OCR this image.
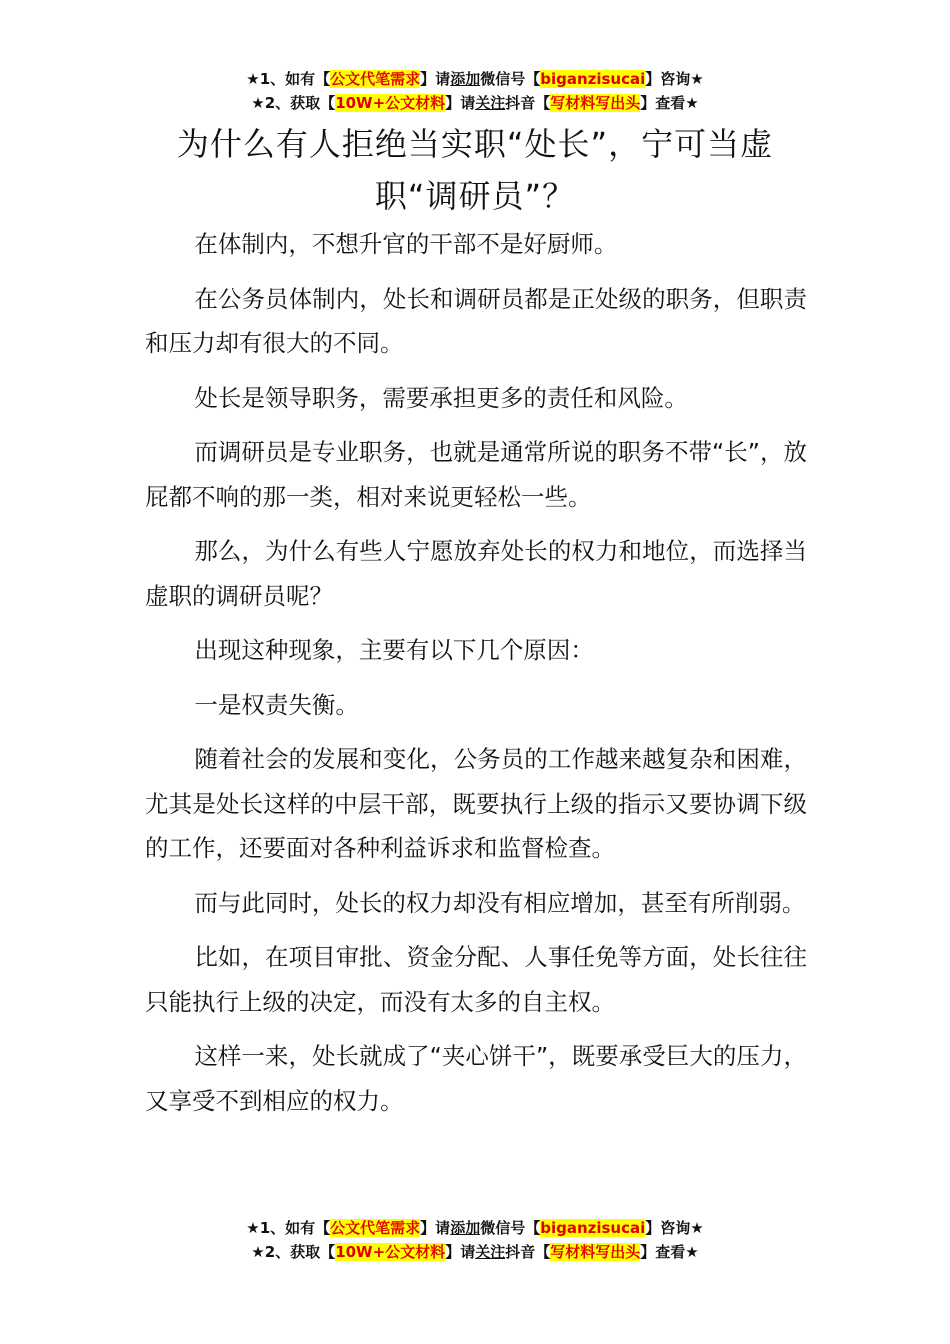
★1、如有【公文代笔需求】请添加微信号【biganzisucai】咨询★
★2、获取【10W+公文材料】请关注抖音【写材料写出头】查看★
为什么有人拒绝当实职“处长”，宁可当虚职“调研员”？

在体制内，不想升官的干部不是好厨师。

在公务员体制内，处长和调研员都是正处级的职务，但职责和压力却有很大的不同。

处长是领导职务，需要承担更多的责任和风险。

而调研员是专业职务，也就是通常所说的职务不带“长”，放屁都不响的那一类，相对来说更轻松一些。

那么，为什么有些人宁愿放弃处长的权力和地位，而选择当虚职的调研员呢？

出现这种现象，主要有以下几个原因：

一是权责失衡。

随着社会的发展和变化，公务员的工作越来越复杂和困难，尤其是处长这样的中层干部，既要执行上级的指示又要协调下级的工作，还要面对各种利益诉求和监督检查。

而与此同时，处长的权力却没有相应增加，甚至有所削弱。

比如，在项目审批、资金分配、人事任免等方面，处长往往只能执行上级的决定，而没有太多的自主权。

这样一来，处长就成了“夹心饼干”，既要承受巨大的压力，又享受不到相应的权力。

★1、如有【公文代笔需求】请添加微信号【biganzisucai】咨询★
★2、获取【10W+公文材料】请关注抖音【写材料写出头】查看★
